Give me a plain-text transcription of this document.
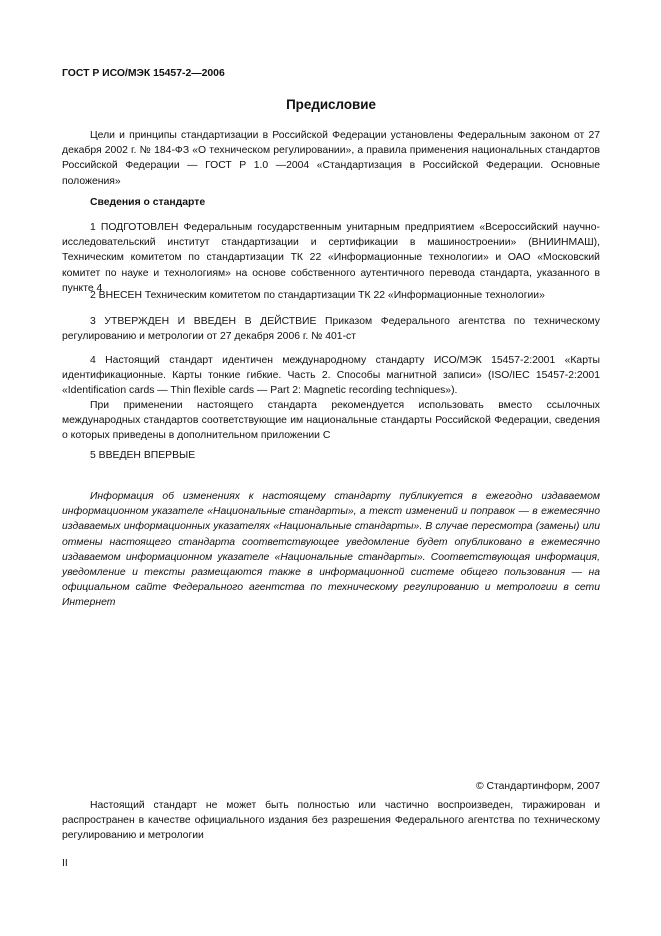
ГОСТ Р ИСО/МЭК 15457-2—2006
Предисловие

Цели и принципы стандартизации в Российской Федерации установлены Федеральным законом от 27 декабря 2002 г. № 184-ФЗ «О техническом регулировании», а правила применения национальных стандартов Российской Федерации — ГОСТ Р 1.0 —2004 «Стандартизация в Российской Федерации. Основные положения»

Сведения о стандарте

1 ПОДГОТОВЛЕН Федеральным государственным унитарным предприятием «Всероссийский научно-исследовательский институт стандартизации и сертификации в машиностроении» (ВНИИНМАШ), Техническим комитетом по стандартизации ТК 22 «Информационные технологии» и ОАО «Московский комитет по науке и технологиям» на основе собственного аутентичного перевода стандарта, указанного в пункте 4

2 ВНЕСЕН Техническим комитетом по стандартизации ТК 22 «Информационные технологии»

3 УТВЕРЖДЕН И ВВЕДЕН В ДЕЙСТВИЕ Приказом Федерального агентства по техническому регулированию и метрологии от 27 декабря 2006 г. № 401-ст

4 Настоящий стандарт идентичен международному стандарту ИСО/МЭК 15457-2:2001 «Карты идентификационные. Карты тонкие гибкие. Часть 2. Способы магнитной записи» (ISO/IEC 15457-2:2001 «Identification cards — Thin flexible cards — Part 2: Magnetic recording techniques»).

При применении настоящего стандарта рекомендуется использовать вместо ссылочных международных стандартов соответствующие им национальные стандарты Российской Федерации, сведения о которых приведены в дополнительном приложении С

5 ВВЕДЕН ВПЕРВЫЕ

Информация об изменениях к настоящему стандарту публикуется в ежегодно издаваемом информационном указателе «Национальные стандарты», а текст изменений и поправок — в ежемесячно издаваемых информационных указателях «Национальные стандарты». В случае пересмотра (замены) или отмены настоящего стандарта соответствующее уведомление будет опубликовано в ежемесячно издаваемом информационном указателе «Национальные стандарты». Соответствующая информация, уведомление и тексты размещаются также в информационной системе общего пользования — на официальном сайте Федерального агентства по техническому регулированию и метрологии в сети Интернет

© Стандартинформ, 2007

Настоящий стандарт не может быть полностью или частично воспроизведен, тиражирован и распространен в качестве официального издания без разрешения Федерального агентства по техническому регулированию и метрологии

II
